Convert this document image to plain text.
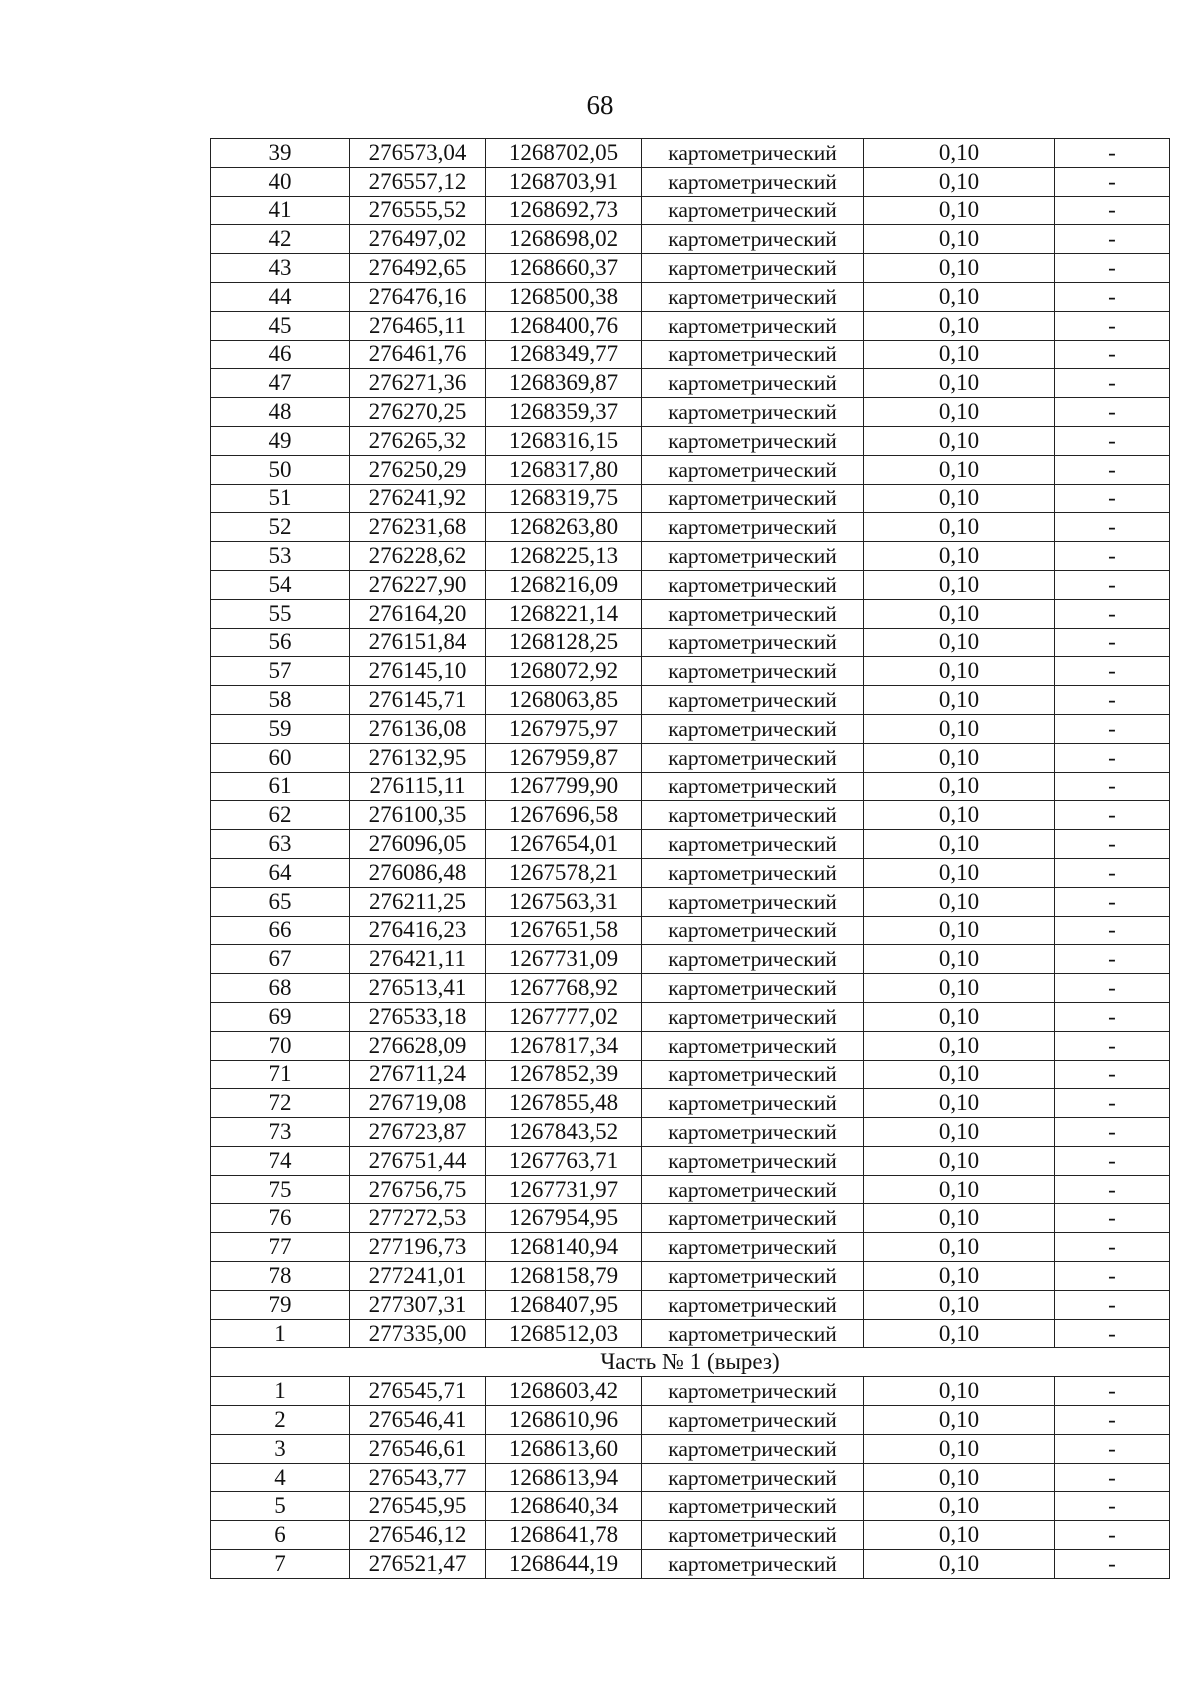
68
39	276573,04	1268702,05	картометрический	0,10	-
40	276557,12	1268703,91	картометрический	0,10	-
41	276555,52	1268692,73	картометрический	0,10	-
42	276497,02	1268698,02	картометрический	0,10	-
43	276492,65	1268660,37	картометрический	0,10	-
44	276476,16	1268500,38	картометрический	0,10	-
45	276465,11	1268400,76	картометрический	0,10	-
46	276461,76	1268349,77	картометрический	0,10	-
47	276271,36	1268369,87	картометрический	0,10	-
48	276270,25	1268359,37	картометрический	0,10	-
49	276265,32	1268316,15	картометрический	0,10	-
50	276250,29	1268317,80	картометрический	0,10	-
51	276241,92	1268319,75	картометрический	0,10	-
52	276231,68	1268263,80	картометрический	0,10	-
53	276228,62	1268225,13	картометрический	0,10	-
54	276227,90	1268216,09	картометрический	0,10	-
55	276164,20	1268221,14	картометрический	0,10	-
56	276151,84	1268128,25	картометрический	0,10	-
57	276145,10	1268072,92	картометрический	0,10	-
58	276145,71	1268063,85	картометрический	0,10	-
59	276136,08	1267975,97	картометрический	0,10	-
60	276132,95	1267959,87	картометрический	0,10	-
61	276115,11	1267799,90	картометрический	0,10	-
62	276100,35	1267696,58	картометрический	0,10	-
63	276096,05	1267654,01	картометрический	0,10	-
64	276086,48	1267578,21	картометрический	0,10	-
65	276211,25	1267563,31	картометрический	0,10	-
66	276416,23	1267651,58	картометрический	0,10	-
67	276421,11	1267731,09	картометрический	0,10	-
68	276513,41	1267768,92	картометрический	0,10	-
69	276533,18	1267777,02	картометрический	0,10	-
70	276628,09	1267817,34	картометрический	0,10	-
71	276711,24	1267852,39	картометрический	0,10	-
72	276719,08	1267855,48	картометрический	0,10	-
73	276723,87	1267843,52	картометрический	0,10	-
74	276751,44	1267763,71	картометрический	0,10	-
75	276756,75	1267731,97	картометрический	0,10	-
76	277272,53	1267954,95	картометрический	0,10	-
77	277196,73	1268140,94	картометрический	0,10	-
78	277241,01	1268158,79	картометрический	0,10	-
79	277307,31	1268407,95	картометрический	0,10	-
1	277335,00	1268512,03	картометрический	0,10	-
Часть № 1 (вырез)					
1	276545,71	1268603,42	картометрический	0,10	-
2	276546,41	1268610,96	картометрический	0,10	-
3	276546,61	1268613,60	картометрический	0,10	-
4	276543,77	1268613,94	картометрический	0,10	-
5	276545,95	1268640,34	картометрический	0,10	-
6	276546,12	1268641,78	картометрический	0,10	-
7	276521,47	1268644,19	картометрический	0,10	-
